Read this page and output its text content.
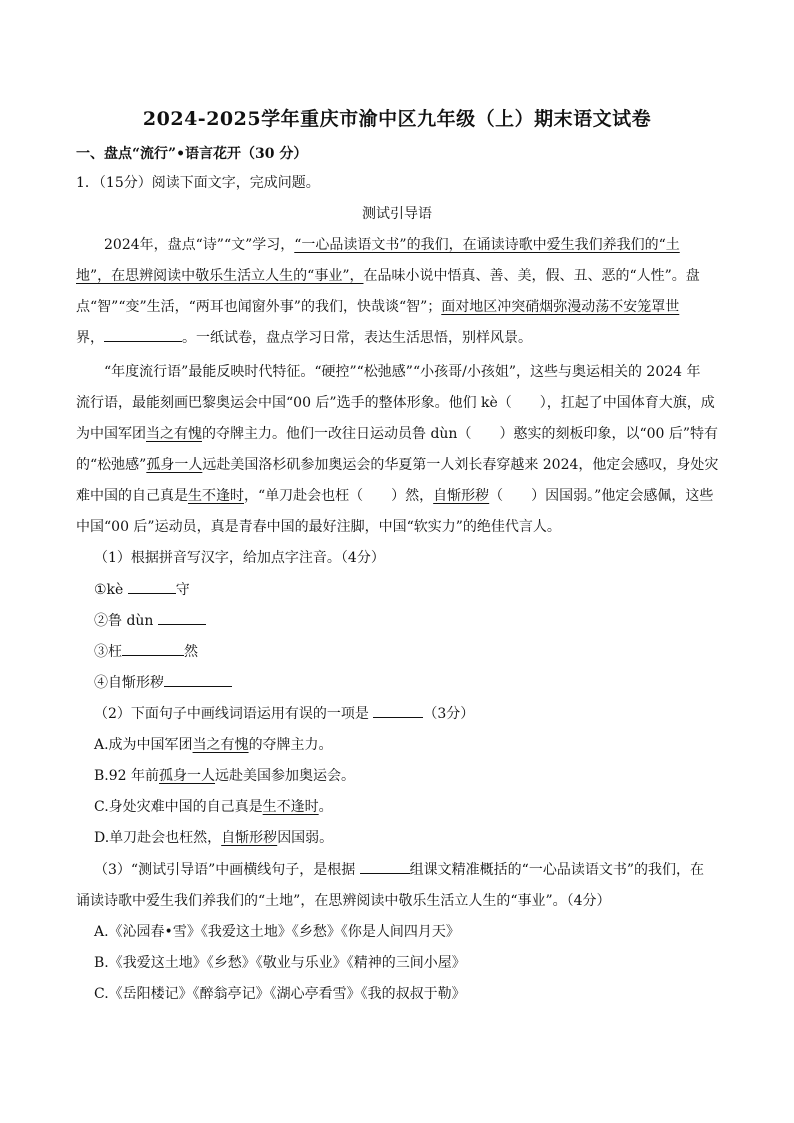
2024-2025学年重庆市渝中区九年级（上）期末语文试卷
一、盘点“流行”•语言花开（30 分）
1．（15分）阅读下面文字，完成问题。
测试引导语
2024年，盘点“诗”“文”学习，“一心品读语文书”的我们，在诵读诗歌中爱生我们养我们的“土
地”，在思辨阅读中敬乐生活立人生的“事业”，在品味小说中悟真、善、美，假、丑、恶的“人性”。盘
点“智”“变”生活，“两耳也闻窗外事”的我们，快哉谈“智”；面对地区冲突硝烟弥漫动荡不安笼罩世
界，	。一纸试卷，盘点学习日常，表达生活思悟，别样风景。
“年度流行语”最能反映时代特征。“硬控”“松弛感”“小孩哥/小孩姐”，这些与奥运相关的 2024 年
流行语，最能刻画巴黎奥运会中国“00 后”选手的整体形象。他们 kè（　　），扛起了中国体育大旗，成
为中国军团当之有愧的夺牌主力。他们一改往日运动员鲁 dùn（　　）憨实的刻板印象，以“00 后”特有
的“松弛感”孤身一人远赴美国洛杉矶参加奥运会的华夏第一人刘长春穿越来 2024，他定会感叹，身处灾
难中国的自己真是生不逢时，“单刀赴会也枉（　　）然，自惭形秽（　　）因国弱。”他定会感佩，这些
中国“00 后”运动员，真是青春中国的最好注脚，中国“软实力”的绝佳代言人。
（1）根据拼音写汉字，给加点字注音。（4分）
①kè	守
②鲁 dùn
③枉	然
④自惭形秽
（2）下面句子中画线词语运用有误的一项是	（3分）
A.成为中国军团当之有愧的夺牌主力。
B.92 年前孤身一人远赴美国参加奥运会。
C.身处灾难中国的自己真是生不逢时。
D.单刀赴会也枉然，自惭形秽因国弱。
（3）“测试引导语”中画横线句子，是根据	组课文精准概括的“一心品读语文书”的我们，在
诵读诗歌中爱生我们养我们的“土地”，在思辨阅读中敬乐生活立人生的“事业”。（4分）
A.《沁园春•雪》《我爱这土地》《乡愁》《你是人间四月天》
B.《我爱这土地》《乡愁》《敬业与乐业》《精神的三间小屋》
C.《岳阳楼记》《醉翁亭记》《湖心亭看雪》《我的叔叔于勒》
